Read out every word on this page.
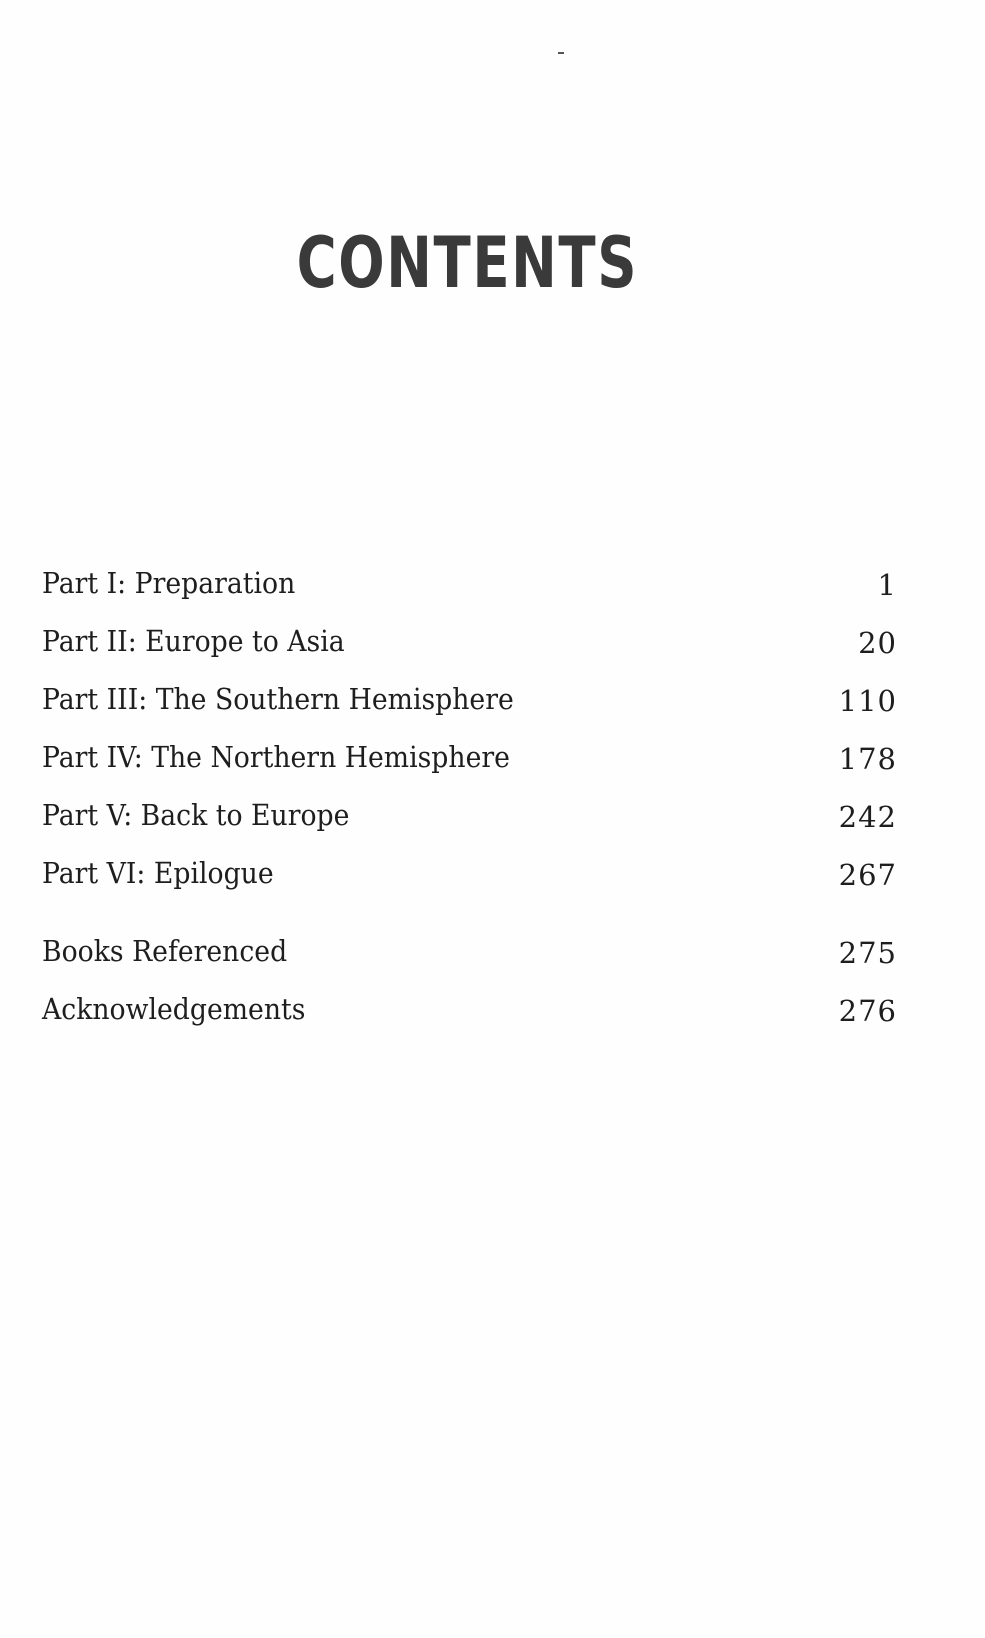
CONTENTS
Part I: Preparation	1
Part II: Europe to Asia	20
Part III: The Southern Hemisphere	110
Part IV: The Northern Hemisphere	178
Part V: Back to Europe	242
Part VI: Epilogue	267
Books Referenced	275
Acknowledgements	276
